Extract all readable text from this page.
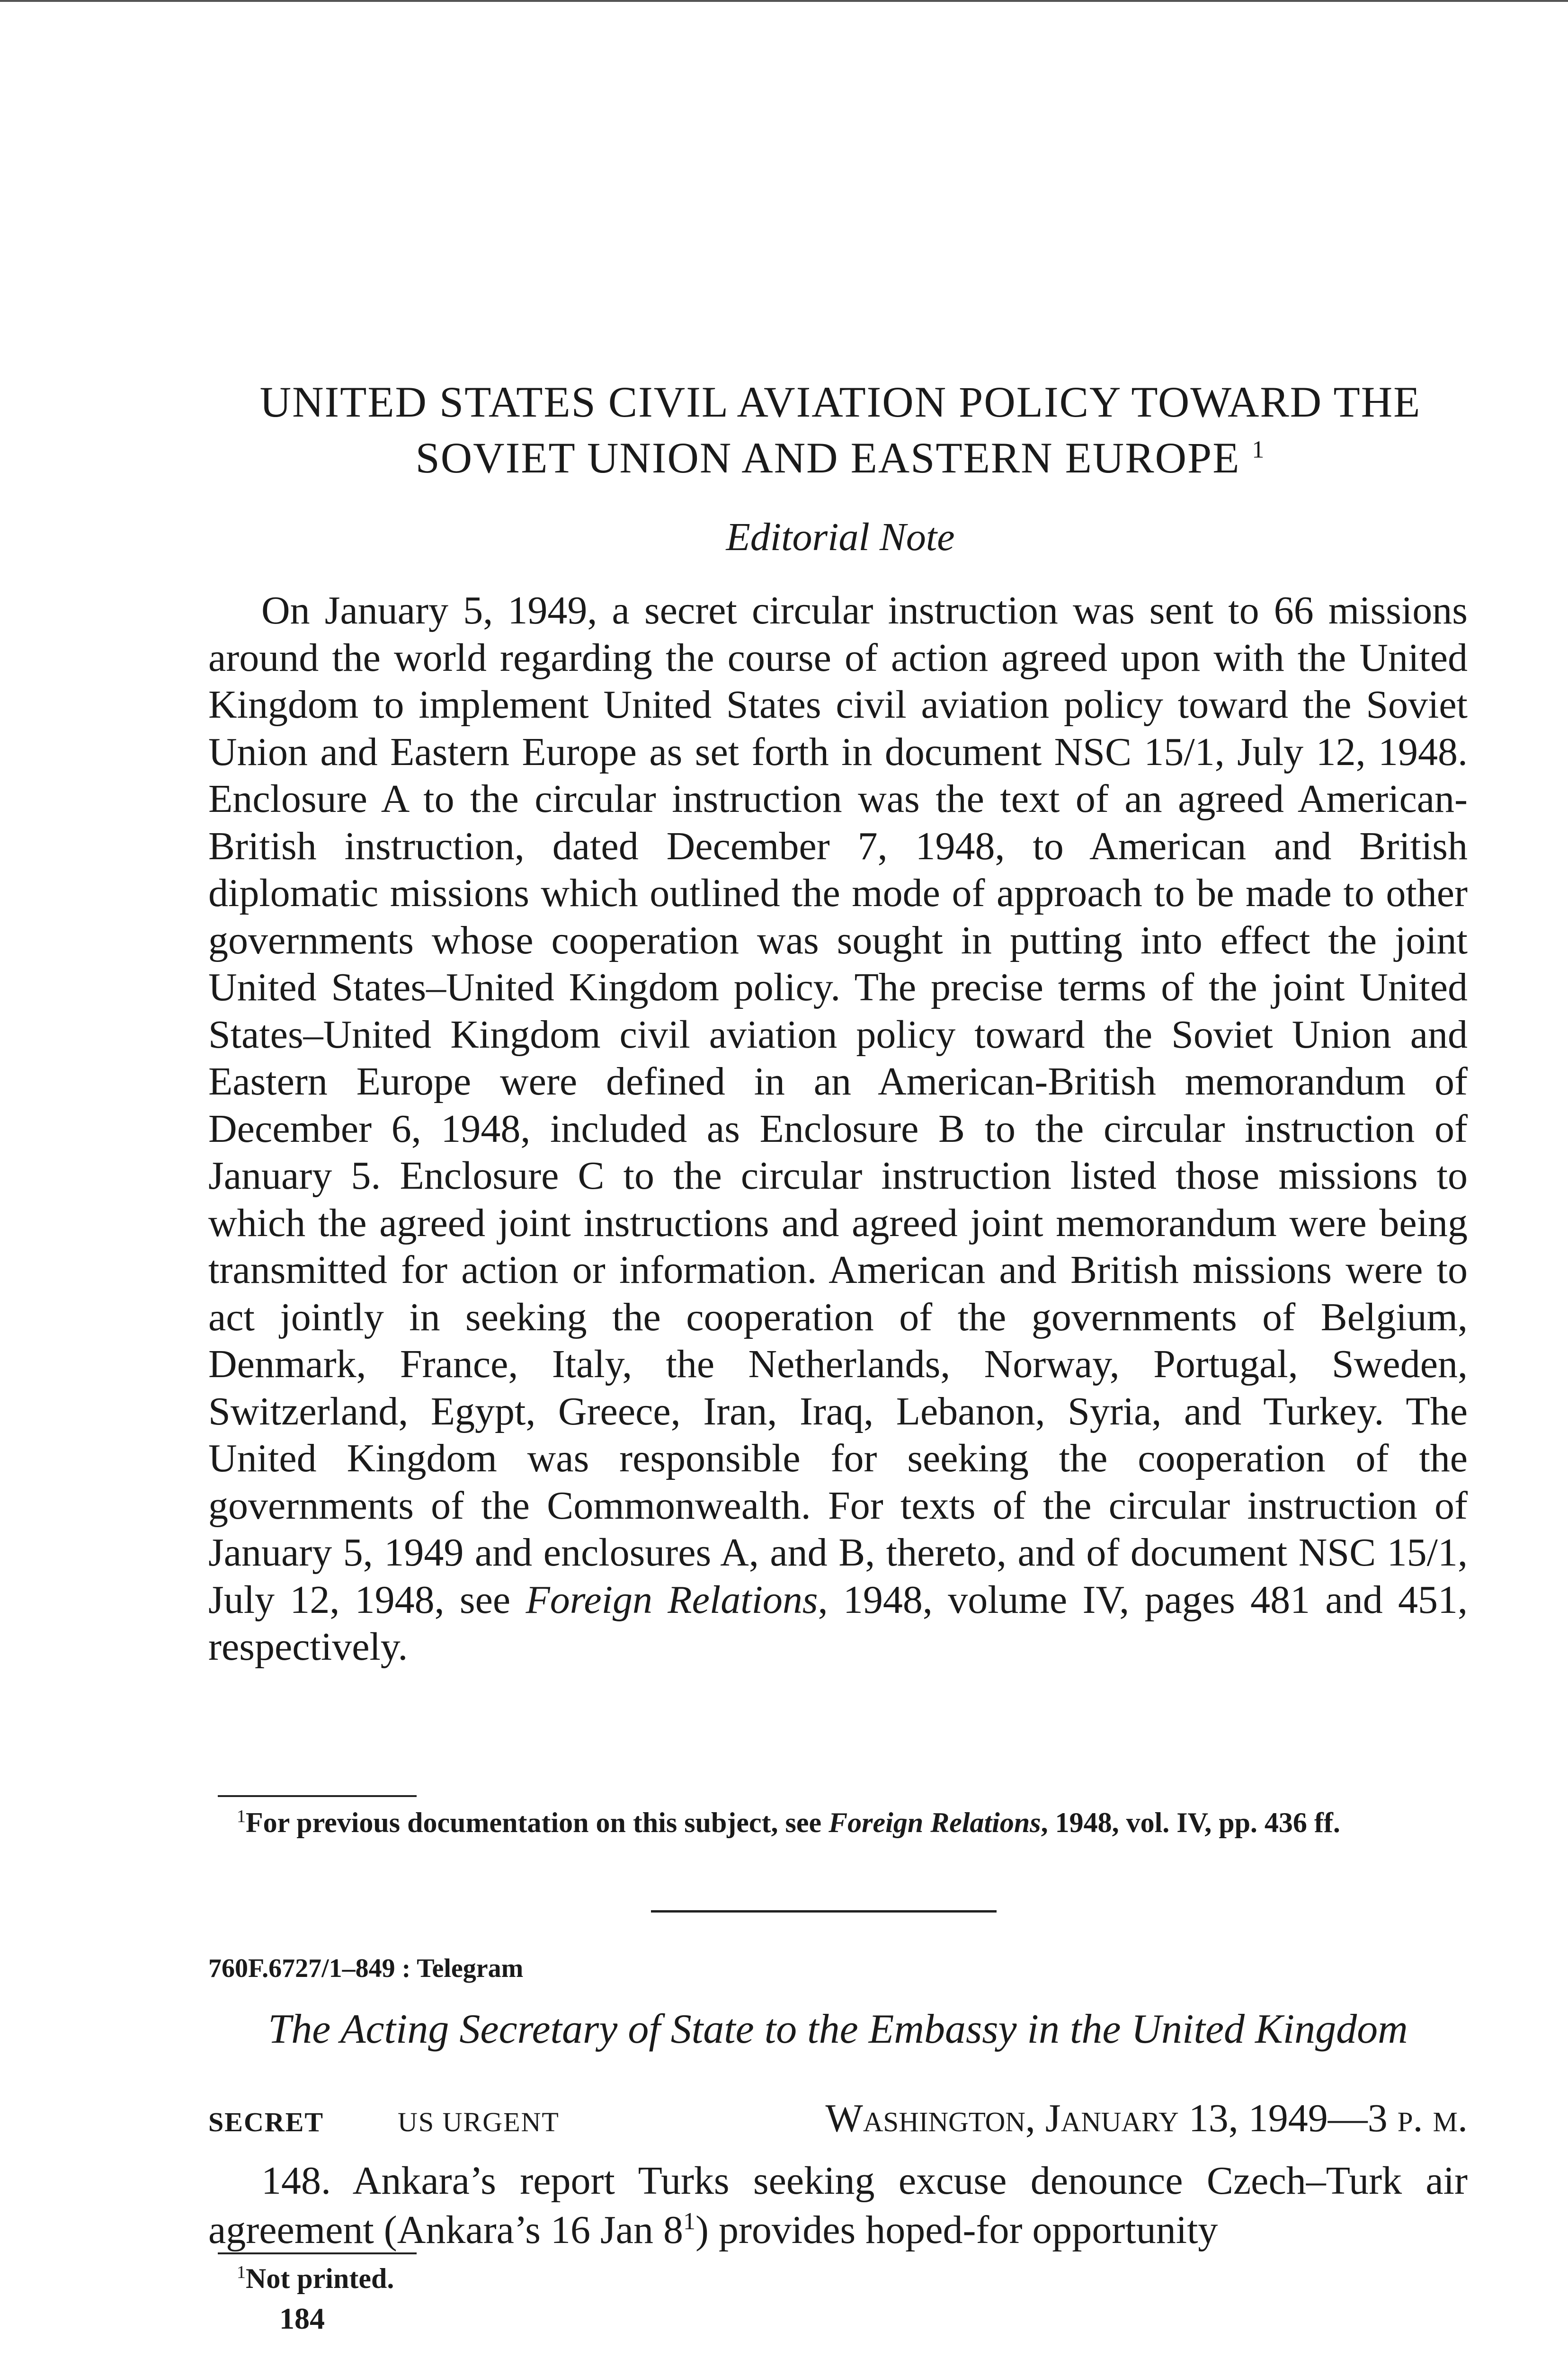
UNITED STATES CIVIL AVIATION POLICY TOWARD THE SOVIET UNION AND EASTERN EUROPE $^1$
Editorial Note

On January 5, 1949, a secret circular instruction was sent to 66 missions around the world regarding the course of action agreed upon with the United Kingdom to implement United States civil aviation policy toward the Soviet Union and Eastern Europe as set forth in document NSC 15/1, July 12, 1948. Enclosure A to the circular instruction was the text of an agreed American-British instruction, dated December 7, 1948, to American and British diplomatic missions which outlined the mode of approach to be made to other governments whose cooperation was sought in putting into effect the joint United States–United Kingdom policy. The precise terms of the joint United States–United Kingdom civil aviation policy toward the Soviet Union and Eastern Europe were defined in an American-British memorandum of December 6, 1948, included as Enclosure B to the circular instruction of January 5. Enclosure C to the circular instruction listed those missions to which the agreed joint instructions and agreed joint memorandum were being transmitted for action or information. American and British missions were to act jointly in seeking the cooperation of the governments of Belgium, Denmark, France, Italy, the Netherlands, Norway, Portugal, Sweden, Switzerland, Egypt, Greece, Iran, Iraq, Lebanon, Syria, and Turkey. The United Kingdom was responsible for seeking the cooperation of the governments of the Commonwealth. For texts of the circular instruction of January 5, 1949 and enclosures A, and B, thereto, and of document NSC 15/1, July 12, 1948, see Foreign Relations, 1948, volume IV, pages 481 and 451, respectively.

$^1$For previous documentation on this subject, see Foreign Relations, 1948, vol. IV, pp. 436 ff.

760F.6727/1–849 : Telegram
The Acting Secretary of State to the Embassy in the United Kingdom
SECRET	US URGENT	Washington, January 13, 1949—3 p. m.

148. Ankara’s report Turks seeking excuse denounce Czech–Turk air agreement (Ankara’s 16 Jan 8$^1$) provides hoped-for opportunity

$^1$Not printed.
184
